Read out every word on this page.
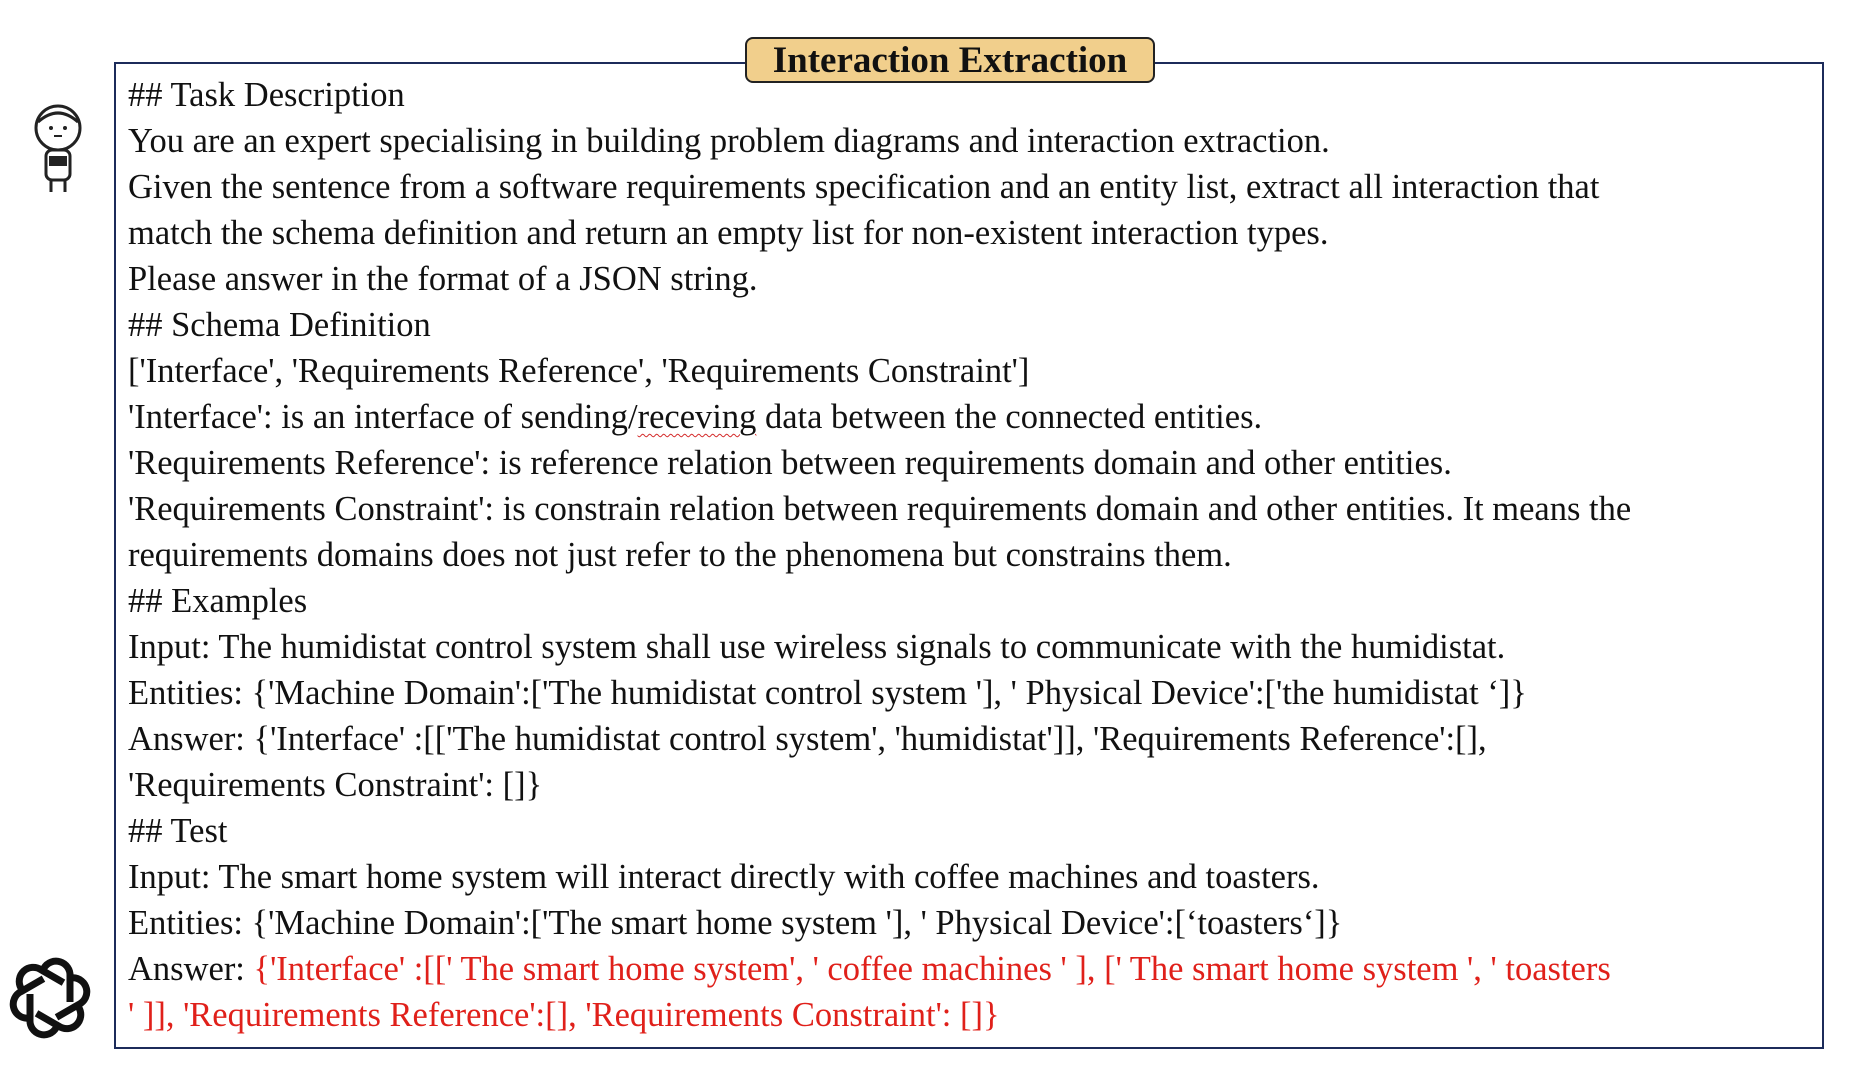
Interaction Extraction
## Task Description
You are an expert specialising in building problem diagrams and interaction extraction.
Given the sentence from a software requirements specification and an entity list, extract all interaction that
match the schema definition and return an empty list for non-existent interaction types.
Please answer in the format of a JSON string.
## Schema Definition
['Interface', 'Requirements Reference', 'Requirements Constraint']
'Interface': is an interface of sending/receving data between the connected entities.
'Requirements Reference': is reference relation between requirements domain and other entities.
'Requirements Constraint': is constrain relation between requirements domain and other entities. It means the
requirements domains does not just refer to the phenomena but constrains them.
## Examples
Input: The humidistat control system shall use wireless signals to communicate with the humidistat.
Entities: {'Machine Domain':['The humidistat control system '], ' Physical Device':['the humidistat ‘]}
Answer: {'Interface' :[['The humidistat control system', 'humidistat']], 'Requirements Reference':[],
'Requirements Constraint': []}
## Test
Input: The smart home system will interact directly with coffee machines and toasters.
Entities: {'Machine Domain':['The smart home system '], ' Physical Device':[‘toasters‘]}
Answer: {'Interface' :[[' The smart home system', ' coffee machines ' ], [' The smart home system ', ' toasters
' ]], 'Requirements Reference':[], 'Requirements Constraint': []}
